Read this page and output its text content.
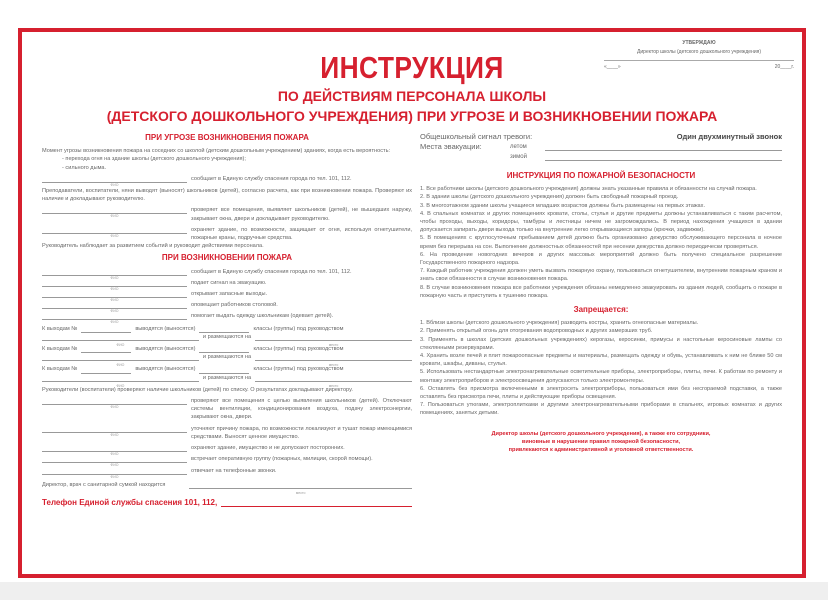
УТВЕРЖДАЮ
Директор школы (детского дошкольного учреждения)
«____»	20____г.
ИНСТРУКЦИЯ
ПО ДЕЙСТВИЯМ ПЕРСОНАЛА ШКОЛЫ
(ДЕТСКОГО ДОШКОЛЬНОГО УЧРЕЖДЕНИЯ) ПРИ УГРОЗЕ И ВОЗНИКНОВЕНИИ ПОЖАРА
ПРИ УГРОЗЕ ВОЗНИКНОВЕНИЯ ПОЖАРА
Момент угрозы возникновения пожара на соседних со школой (детским дошкольным учреждением) зданиях, когда есть вероятность:
- перехода огня на здание школы (детского дошкольного учреждения);
- сильного дыма.
ФИО
сообщает в Единую службу спасения города по тел. 101, 112.
Преподаватели, воспитатели, няни выводят (выносят) школьников (детей), согласно расчета, как при возникновении пожара. Проверяют их наличие и докладывают руководителю.
ФИО
проверяет все помещения, выявляет школьников (детей), не вышедших наружу, закрывает окна, двери и докладывает руководителю.
ФИО
охраняет здание, по возможности, защищает от огня, используя огнетушители, пожарные краны, подручные средства.
Руководитель наблюдает за развитием событий и руководит действиями персонала.
ПРИ ВОЗНИКНОВЕНИИ ПОЖАРА
ФИО
сообщает в Единую службу спасения города по тел. 101, 112.
ФИО
подает сигнал на эвакуацию.
ФИО
открывает запасные выходы.
ФИО
оповещает работников столовой.
ФИО
помогает выдать одежду школьникам (одевает детей).
К выходам №	выводятся (выносятся)	классы (группы) под руководством
ФИО
и размещаются на
место
К выходам №	выводятся (выносятся)	классы (группы) под руководством
ФИО
и размещаются на
место
К выходам №	выводятся (выносятся)	классы (группы) под руководством
ФИО
и размещаются на
место
Руководители (воспитатели) проверяют наличие школьников (детей) по списку. О результатах докладывают директору.
ФИО
проверяют все помещения с целью выявления школьников (детей). Отключают системы вентиляции, кондиционирования воздуха, подачу электроэнергии, закрывают окна, двери.
ФИО
уточняют причину пожара, по возможности локализуют и тушат пожар имеющимися средствами. Выносят ценное имущество.
ФИО
охраняют здание, имущество и не допускают посторонних.
ФИО
встречает оперативную группу (пожарных, милиции, скорой помощи).
ФИО
отвечает на телефонные звонки.
Директор, врач с санитарной сумкой находится
место
Телефон Единой службы спасения 101, 112,
Общешкольный сигнал тревоги:	Один двухминутный звонок
Места эвакуации:	летом
зимой
ИНСТРУКЦИЯ ПО ПОЖАРНОЙ БЕЗОПАСНОСТИ
1. Все работники школы (детского дошкольного учреждения) должны знать указанные правила и обязанности на случай пожара.
2. В здании школы (детского дошкольного учреждения) должен быть свободный пожарный проезд.
3. В многоэтажном здании школы учащиеся младших возрастов должны быть размещены на первых этажах.
4. В спальных комнатах и других помещениях кровати, столы, стулья и другие предметы должны устанавливаться с таким расчетом, чтобы проходы, выходы, коридоры, тамбуры и лестницы ничем не загромождались. В период нахождения учащихся в здании допускается запирать двери выхода только на внутренние легко открывающиеся запоры (крючки, задвижки).
5. В помещениях с круглосуточным пребыванием детей должно быть организовано дежурство обслуживающего персонала в ночное время без перерыва на сон. Выполнение должностных обязанностей при несении дежурства должно периодически проверяться.
6. На проведение новогодних вечеров и других массовых мероприятий должно быть получено специальное разрешение Государственного пожарного надзора.
7. Каждый работник учреждения должен уметь вызвать пожарную охрану, пользоваться огнетушителем, внутренним пожарным краном и знать свои обязанности в случае возникновения пожара.
8. В случае возникновения пожара все работники учреждения обязаны немедленно эвакуировать из здания людей, сообщить о пожаре в пожарную часть и приступить к тушению пожара.
Запрещается:
1. Вблизи школы (детского дошкольного учреждения) разводить костры, хранить огнеопасные материалы.
2. Применять открытый огонь для отогревания водопроводных и других замерзших труб.
3. Применять в школах (детских дошкольных учреждениях) керогазы, керосинки, примусы и настольные керосиновые лампы со стеклянными резервуарами.
4. Хранить возле печей и плит пожароопасные предметы и материалы, размещать одежду и обувь, устанавливать к ним не ближе 50 см кровати, шкафы, диваны, стулья.
5. Использовать нестандартные электронагревательные осветительные приборы, электроприборы, плиты, печи. К работам по ремонту и монтажу электроприборов и электроосвещения допускаются только электромонтеры.
6. Оставлять без присмотра включенными в электросеть электроприборы, пользоваться ими без несгораемой подставки, а также оставлять без присмотра печи, плиты и действующие приборы освещения.
7. Пользоваться утюгами, электроплитками и другими электронагревательными приборами в спальнях, игровых комнатах и других помещениях, занятых детьми.
Директор школы (детского дошкольного учреждения), а также его сотрудники,
виновные в нарушении правил пожарной безопасности,
привлекаются к административной и уголовной ответственности.
